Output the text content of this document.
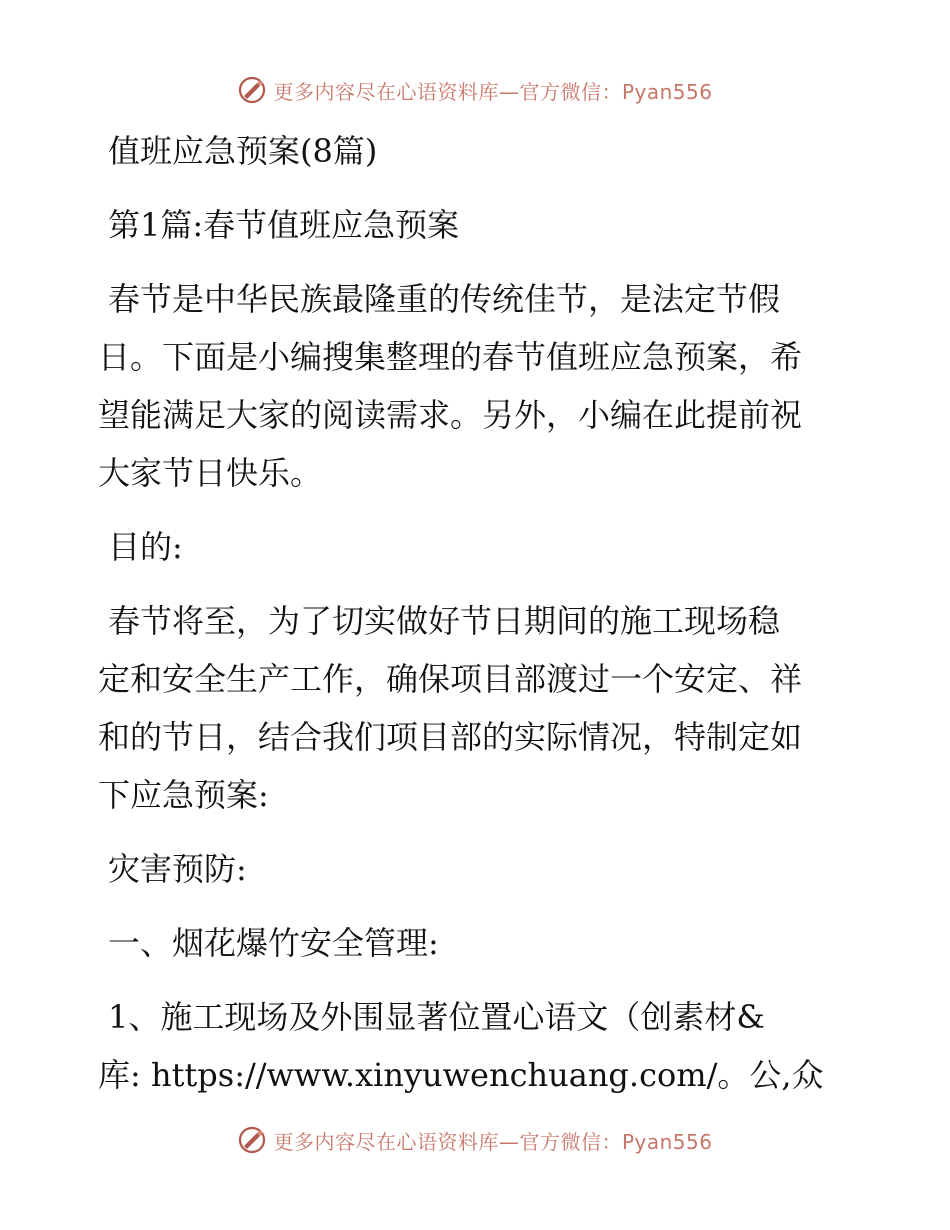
更多内容尽在心语资料库—官方微信：Pyan556
值班应急预案(8篇)
第1篇:春节值班应急预案
春节是中华民族最隆重的传统佳节，是法定节假
日。下面是小编搜集整理的春节值班应急预案，希
望能满足大家的阅读需求。另外，小编在此提前祝
大家节日快乐。
目的:
春节将至，为了切实做好节日期间的施工现场稳
定和安全生产工作，确保项目部渡过一个安定、祥
和的节日，结合我们项目部的实际情况，特制定如
下应急预案:
灾害预防:
一、烟花爆竹安全管理:
1、施工现场及外围显著位置心语文（创素材&
库: https://www.xinyuwenchuang.com/。公,众
更多内容尽在心语资料库—官方微信：Pyan556
